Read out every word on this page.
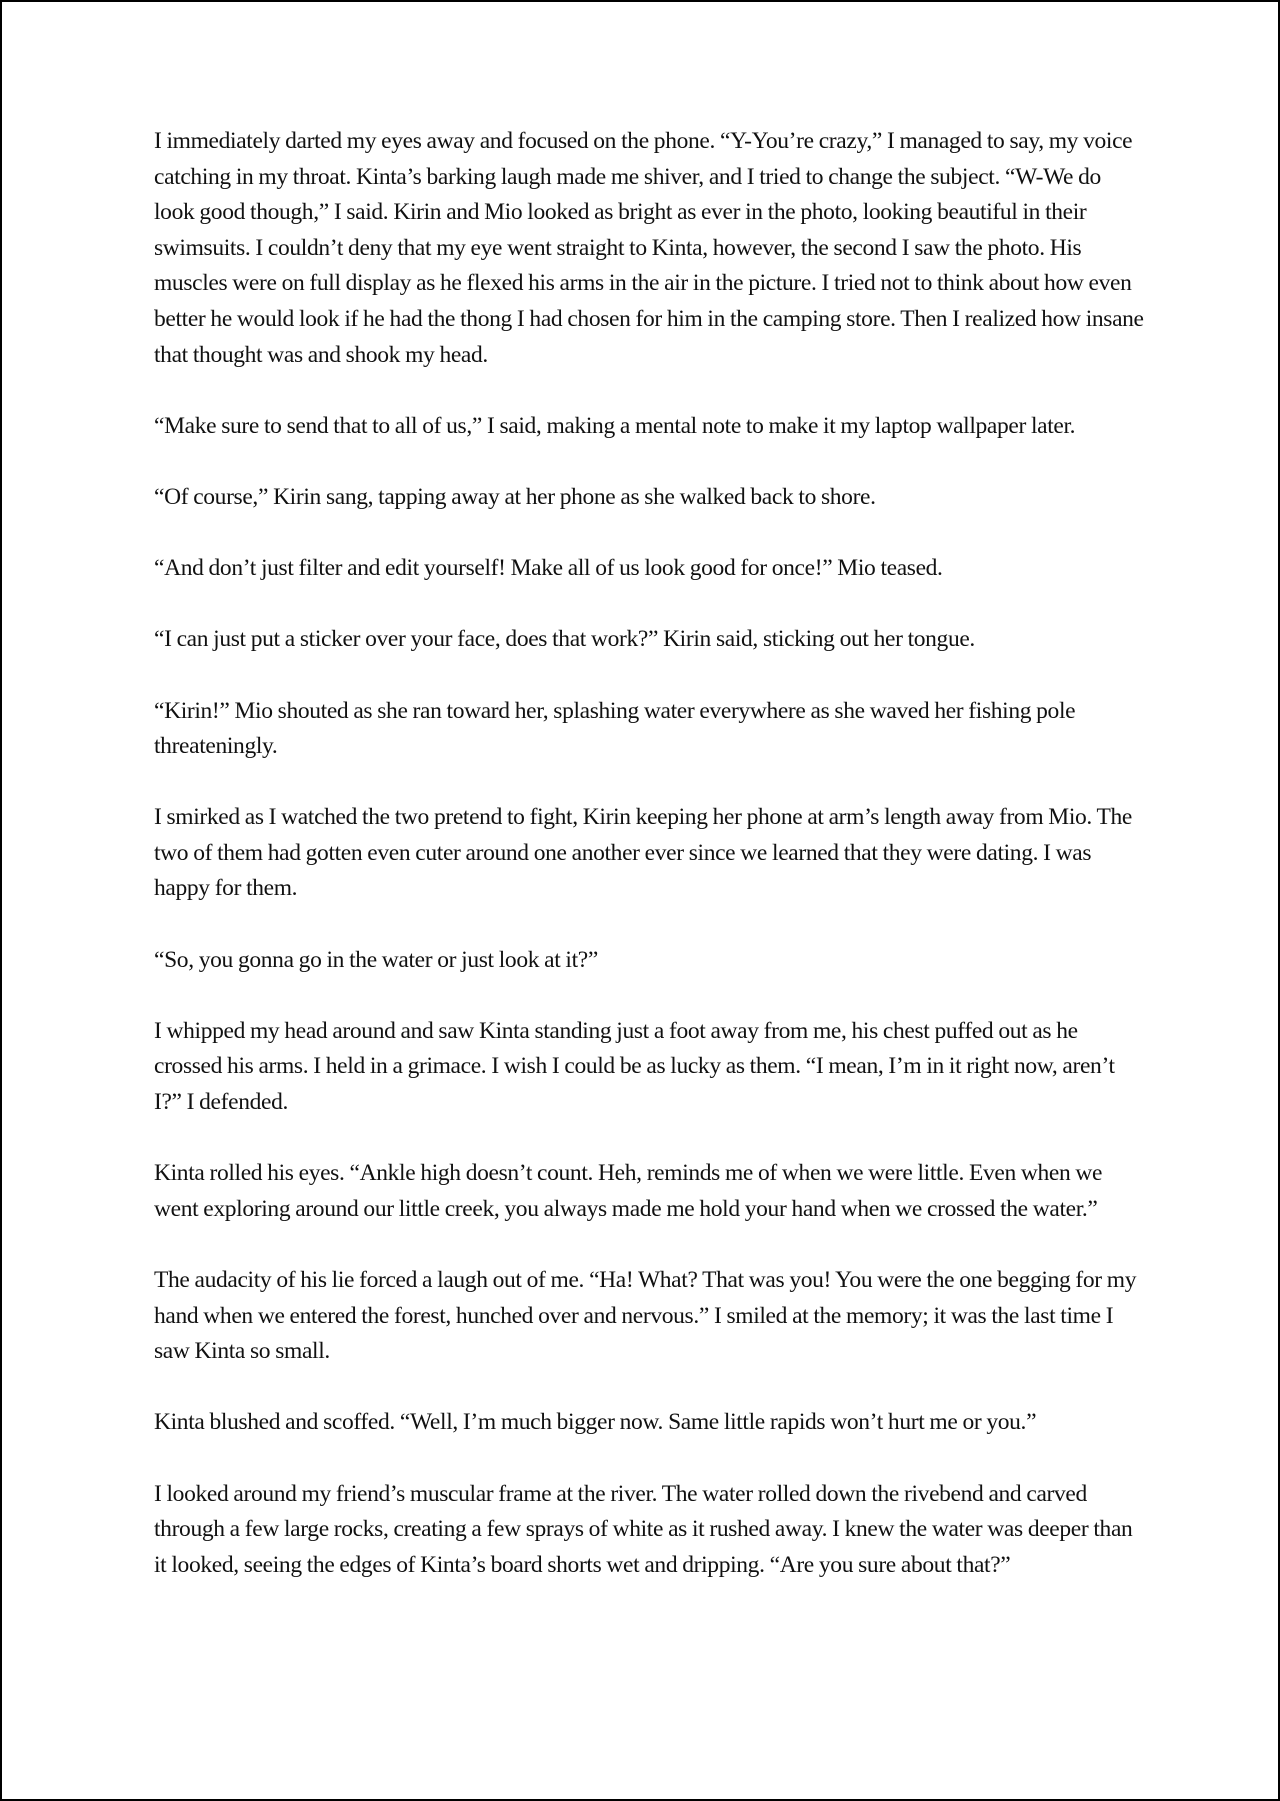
I immediately darted my eyes away and focused on the phone. “Y-You’re crazy,” I managed to say, my voice catching in my throat. Kinta’s barking laugh made me shiver, and I tried to change the subject. “W-We do look good though,” I said. Kirin and Mio looked as bright as ever in the photo, looking beautiful in their swimsuits. I couldn’t deny that my eye went straight to Kinta, however, the second I saw the photo. His muscles were on full display as he flexed his arms in the air in the picture. I tried not to think about how even better he would look if he had the thong I had chosen for him in the camping store. Then I realized how insane that thought was and shook my head.

“Make sure to send that to all of us,” I said, making a mental note to make it my laptop wallpaper later.

“Of course,” Kirin sang, tapping away at her phone as she walked back to shore.

“And don’t just filter and edit yourself! Make all of us look good for once!” Mio teased.

“I can just put a sticker over your face, does that work?” Kirin said, sticking out her tongue.

“Kirin!” Mio shouted as she ran toward her, splashing water everywhere as she waved her fishing pole threateningly.

I smirked as I watched the two pretend to fight, Kirin keeping her phone at arm’s length away from Mio. The two of them had gotten even cuter around one another ever since we learned that they were dating. I was happy for them.

“So, you gonna go in the water or just look at it?”

I whipped my head around and saw Kinta standing just a foot away from me, his chest puffed out as he crossed his arms. I held in a grimace. I wish I could be as lucky as them. “I mean, I’m in it right now, aren’t I?” I defended.

Kinta rolled his eyes. “Ankle high doesn’t count. Heh, reminds me of when we were little. Even when we went exploring around our little creek, you always made me hold your hand when we crossed the water.”

The audacity of his lie forced a laugh out of me. “Ha! What? That was you! You were the one begging for my hand when we entered the forest, hunched over and nervous.” I smiled at the memory; it was the last time I saw Kinta so small.

Kinta blushed and scoffed. “Well, I’m much bigger now. Same little rapids won’t hurt me or you.”

I looked around my friend’s muscular frame at the river. The water rolled down the rivebend and carved through a few large rocks, creating a few sprays of white as it rushed away. I knew the water was deeper than it looked, seeing the edges of Kinta’s board shorts wet and dripping. “Are you sure about that?”
